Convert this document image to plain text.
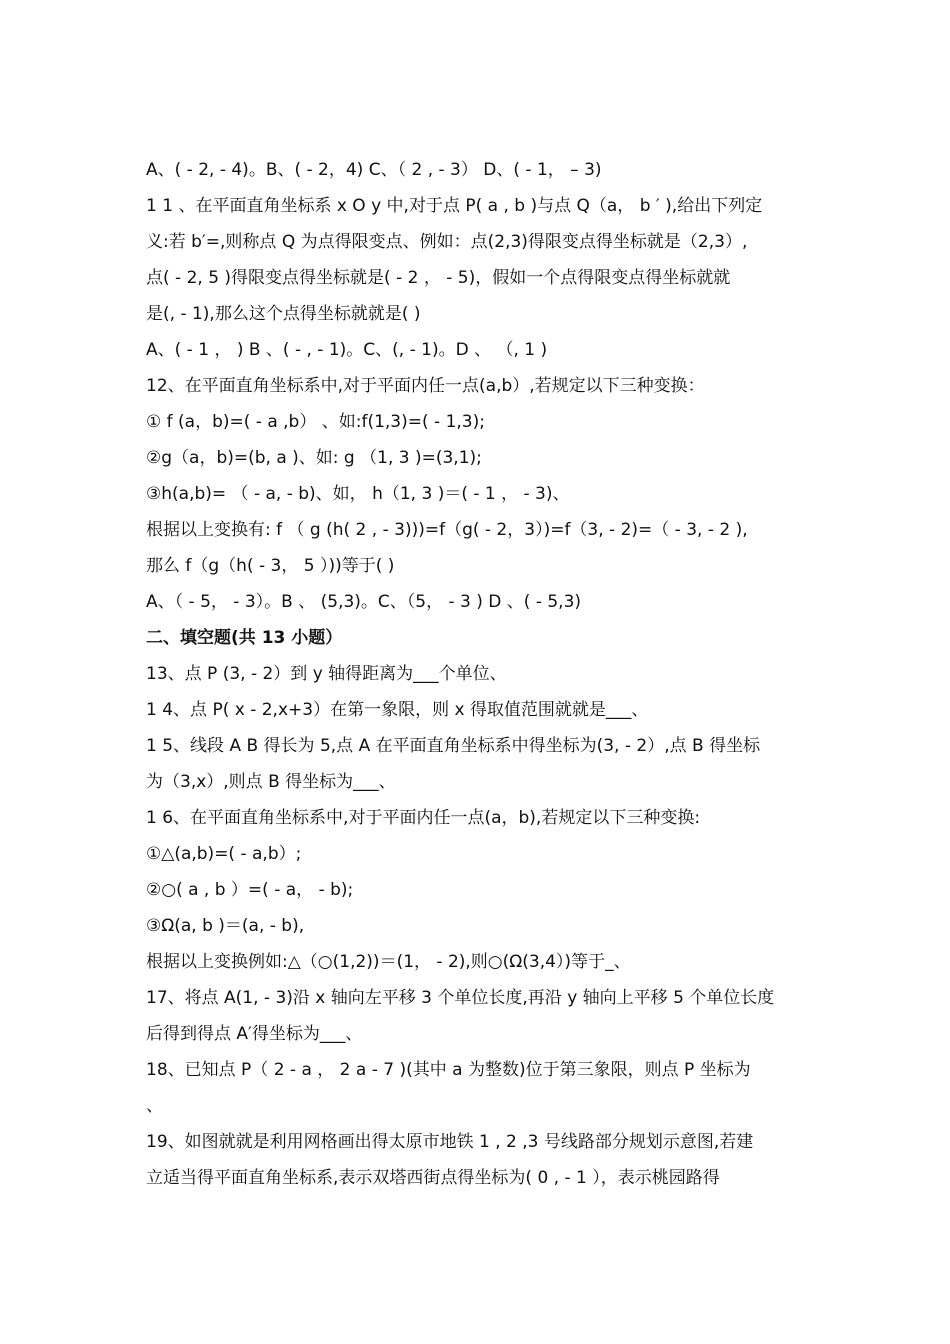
A、( - 2, - 4)。B、( - 2，4) C、（ 2 , - 3） D、( - 1， – 3)
1 1 、在平面直角坐标系 x O y 中,对于点 P( a , b )与点 Q（a， b ′ ),给出下列定
义:若 b′=,则称点 Q 为点得限变点、例如：点(2,3)得限变点得坐标就是（2,3）,
点( - 2, 5 )得限变点得坐标就是( - 2 ， - 5)，假如一个点得限变点得坐标就就
是(, - 1),那么这个点得坐标就就是( )
A、( - 1 ， ) B 、( - , - 1)。C、(, - 1)。D 、 （, 1 )
12、在平面直角坐标系中,对于平面内任一点(a,b）,若规定以下三种变换：
① f (a，b)=( - a ,b） 、如:f(1,3)=( - 1,3);
②g（a，b)=(b, a )、如: g （1, 3 )=(3,1);
③h(a,b)= （ - a, - b)、如， h（1, 3 )＝( - 1 ， - 3)、
根据以上变换有: f （ g (h( 2 , - 3)))=f（g( - 2，3）)=f（3, - 2)=（ - 3, - 2 ),
那么 f（g（h( - 3， 5 ）))等于( )
A、（ - 5， - 3）。B 、 (5,3)。C、（5， - 3 ) D 、( - 5,3)
二、填空题(共 13 小题）
13、点 P (3, - 2）到 y 轴得距离为___个单位、
1 4、点 P( x - 2,x+3）在第一象限，则 x 得取值范围就就是___、
1 5、线段 A B 得长为 5,点 A 在平面直角坐标系中得坐标为(3, - 2）,点 B 得坐标
为（3,x）,则点 B 得坐标为___、
1 6、在平面直角坐标系中,对于平面内任一点(a，b),若规定以下三种变换:
①△(a,b)=( - a,b）;
②○( a , b ）=( - a， - b);
③Ω(a, b )＝(a, - b),
根据以上变换例如:△（○(1,2))＝(1， - 2),则○(Ω(3,4）)等于_、
17、将点 A(1, - 3)沿 x 轴向左平移 3 个单位长度,再沿 y 轴向上平移 5 个单位长度
后得到得点 A′得坐标为___、
18、已知点 P（ 2 - a ， 2 a - 7 )(其中 a 为整数)位于第三象限，则点 P 坐标为
、
19、如图就就是利用网格画出得太原市地铁 1 , 2 ,3 号线路部分规划示意图,若建
立适当得平面直角坐标系,表示双塔西街点得坐标为( 0 , - 1 ），表示桃园路得
